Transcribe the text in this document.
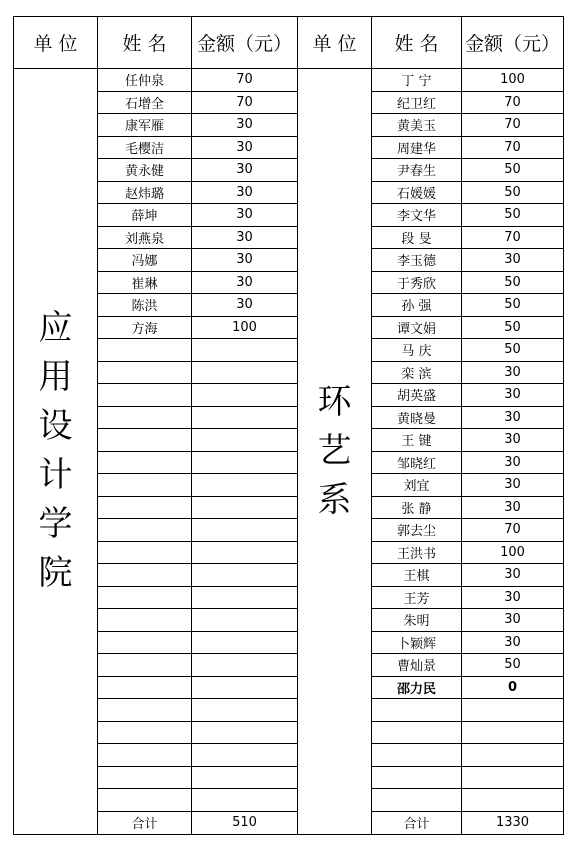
单 位	姓 名	金额（元）	单 位	姓 名	金额（元）

应用设计学院	任仲泉	70	环艺系	丁 宁	100
	石增全	70		纪卫红	70
	康军雁	30		黄美玉	70
	毛樱洁	30		周建华	70
	黄永健	30		尹春生	50
	赵炜璐	30		石媛媛	50
	薛坤	30		李文华	50
	刘燕泉	30		段 旻	70
	冯娜	30		李玉德	30
	崔琳	30		于秀欣	50
	陈洪	30		孙 强	50
	方海	100		谭文娟	50
				马 庆	50
				栾 滨	30
				胡英盛	30
				黄晓曼	30
				王 键	30
				邹晓红	30
				刘宜	30
				张 静	30
				郭去尘	70
				王洪书	100
				王棋	30
				王芳	30
				朱明	30
				卜颖辉	30
				曹灿景	50
				邵力民	0

	合计	510		合计	1330
